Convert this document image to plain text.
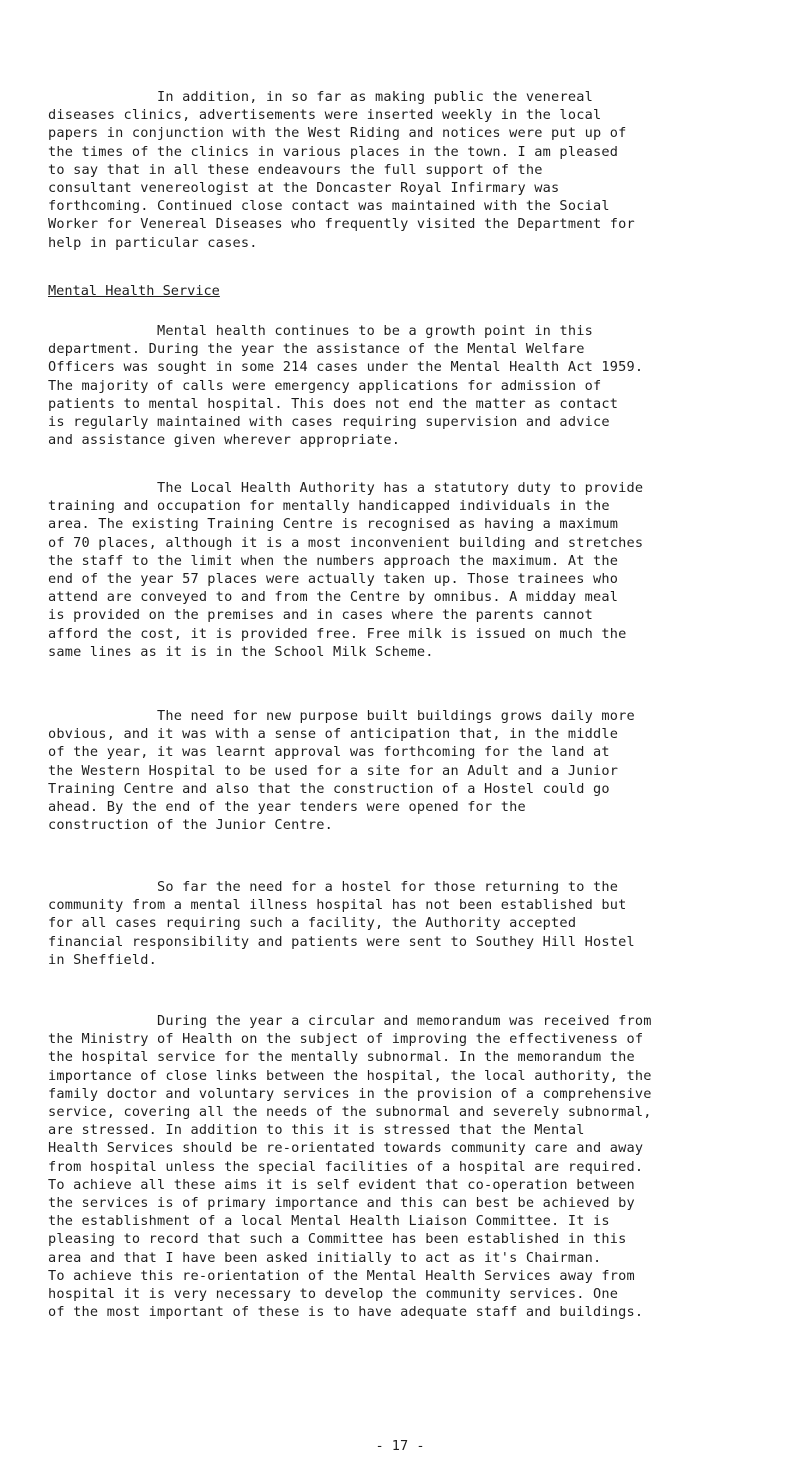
In addition, in so far as making public the venereal
diseases clinics, advertisements were inserted weekly in the local
papers in conjunction with the West Riding and notices were put up of
the times of the clinics in various places in the town. I am pleased
to say that in all these endeavours the full support of the
consultant venereologist at the Doncaster Royal Infirmary was
forthcoming. Continued close contact was maintained with the Social
Worker for Venereal Diseases who frequently visited the Department for
help in particular cases.

Mental Health Service

Mental health continues to be a growth point in this
department. During the year the assistance of the Mental Welfare
Officers was sought in some 214 cases under the Mental Health Act 1959.
The majority of calls were emergency applications for admission of
patients to mental hospital. This does not end the matter as contact
is regularly maintained with cases requiring supervision and advice
and assistance given wherever appropriate.

The Local Health Authority has a statutory duty to provide
training and occupation for mentally handicapped individuals in the
area. The existing Training Centre is recognised as having a maximum
of 70 places, although it is a most inconvenient building and stretches
the staff to the limit when the numbers approach the maximum. At the
end of the year 57 places were actually taken up. Those trainees who
attend are conveyed to and from the Centre by omnibus. A midday meal
is provided on the premises and in cases where the parents cannot
afford the cost, it is provided free. Free milk is issued on much the
same lines as it is in the School Milk Scheme.

The need for new purpose built buildings grows daily more
obvious, and it was with a sense of anticipation that, in the middle
of the year, it was learnt approval was forthcoming for the land at
the Western Hospital to be used for a site for an Adult and a Junior
Training Centre and also that the construction of a Hostel could go
ahead. By the end of the year tenders were opened for the
construction of the Junior Centre.

So far the need for a hostel for those returning to the
community from a mental illness hospital has not been established but
for all cases requiring such a facility, the Authority accepted
financial responsibility and patients were sent to Southey Hill Hostel
in Sheffield.

During the year a circular and memorandum was received from
the Ministry of Health on the subject of improving the effectiveness of
the hospital service for the mentally subnormal. In the memorandum the
importance of close links between the hospital, the local authority, the
family doctor and voluntary services in the provision of a comprehensive
service, covering all the needs of the subnormal and severely subnormal,
are stressed. In addition to this it is stressed that the Mental
Health Services should be re-orientated towards community care and away
from hospital unless the special facilities of a hospital are required.
To achieve all these aims it is self evident that co-operation between
the services is of primary importance and this can best be achieved by
the establishment of a local Mental Health Liaison Committee. It is
pleasing to record that such a Committee has been established in this
area and that I have been asked initially to act as it's Chairman.
To achieve this re-orientation of the Mental Health Services away from
hospital it is very necessary to develop the community services. One
of the most important of these is to have adequate staff and buildings.

- 17 -
